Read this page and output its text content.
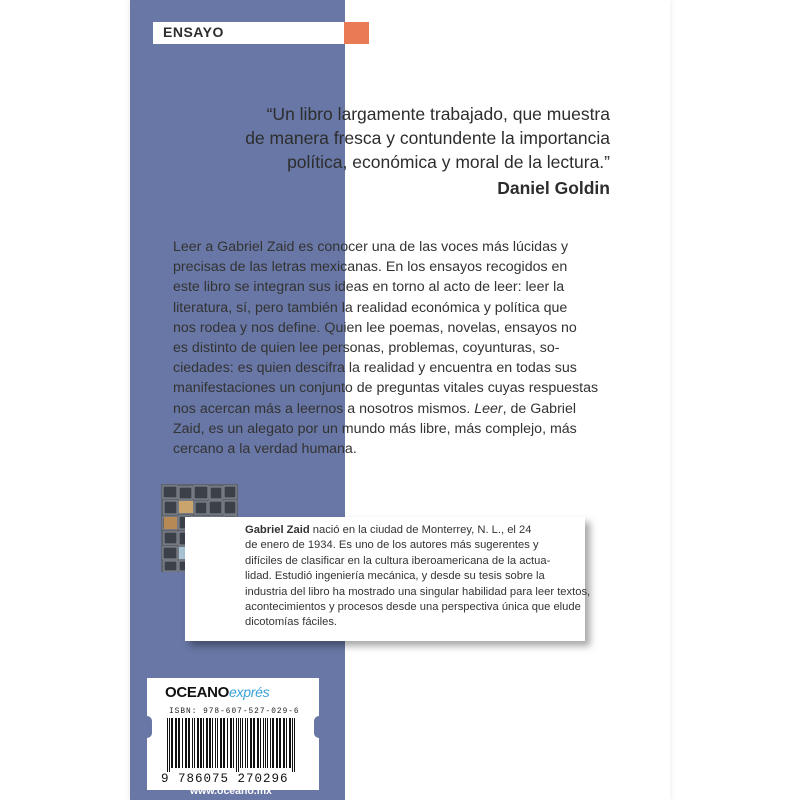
ENSAYO
“Un libro largamente trabajado, que muestra
de manera fresca y contundente la importancia
política, económica y moral de la lectura.”
Daniel Goldin
Leer a Gabriel Zaid es conocer una de las voces más lúcidas y
precisas de las letras mexicanas. En los ensayos recogidos en
este libro se integran sus ideas en torno al acto de leer: leer la
literatura, sí, pero también la realidad económica y política que
nos rodea y nos define. Quien lee poemas, novelas, ensayos no
es distinto de quien lee personas, problemas, coyunturas, so-
ciedades: es quien descifra la realidad y encuentra en todas sus
manifestaciones un conjunto de preguntas vitales cuyas respuestas
nos acercan más a leernos a nosotros mismos. Leer, de Gabriel
Zaid, es un alegato por un mundo más libre, más complejo, más
cercano a la verdad humana.
Gabriel Zaid nació en la ciudad de Monterrey, N. L., el 24
de enero de 1934. Es uno de los autores más sugerentes y
difíciles de clasificar en la cultura iberoamericana de la actua-
lidad. Estudió ingeniería mecánica, y desde su tesis sobre la
industria del libro ha mostrado una singular habilidad para leer textos,
acontecimientos y procesos desde una perspectiva única que elude
dicotomías fáciles.
OCEANOexprés
ISBN: 978-607-527-029-6
9 786075 270296
www.oceano.mx
